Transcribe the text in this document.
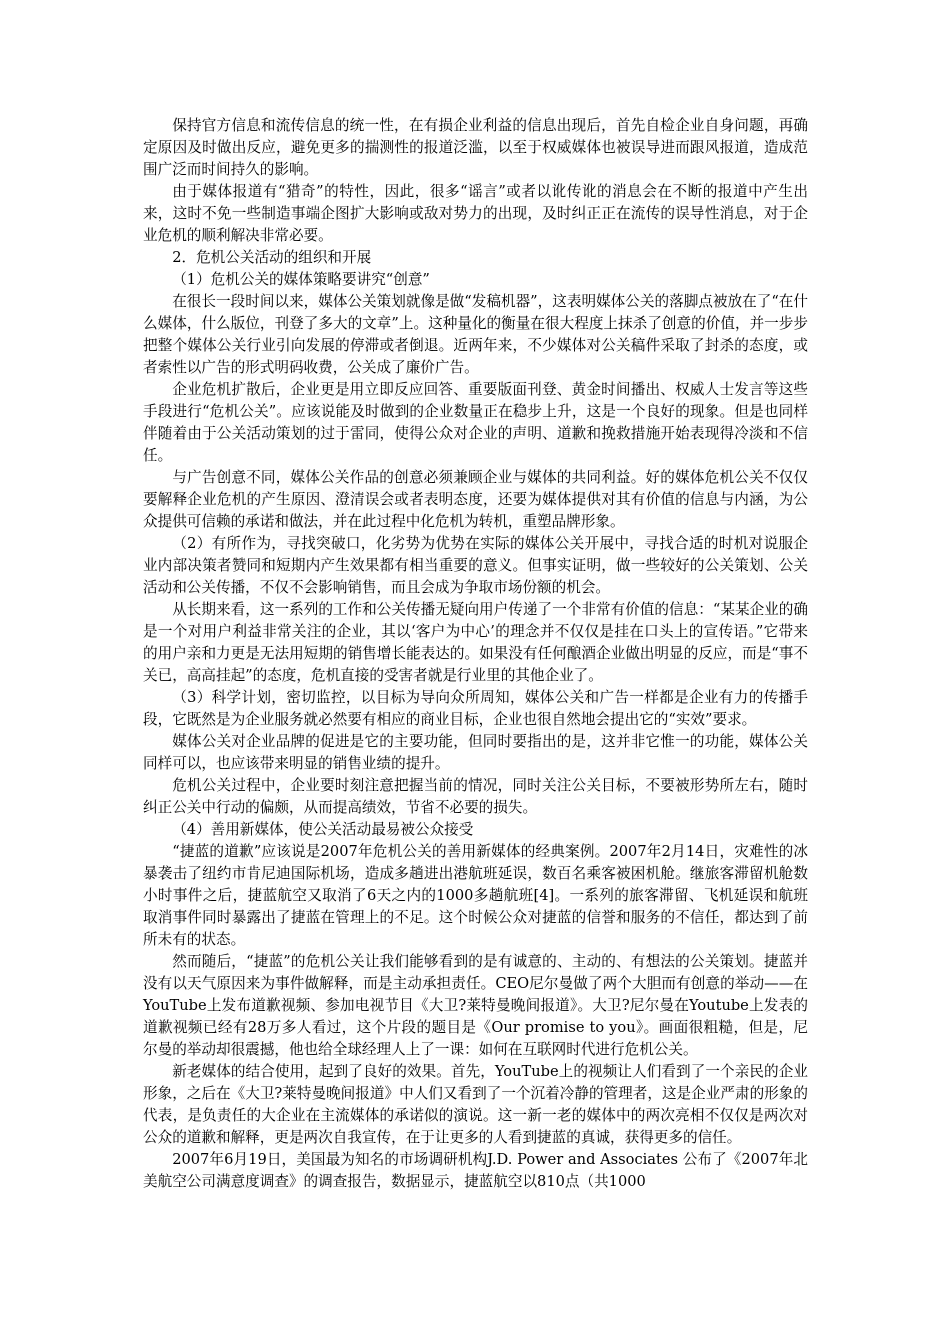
保持官方信息和流传信息的统一性，在有损企业利益的信息出现后，首先自检企业自身问题，再确定原因及时做出反应，避免更多的揣测性的报道泛滥，以至于权威媒体也被误导进而跟风报道，造成范围广泛而时间持久的影响。

由于媒体报道有“猎奇”的特性，因此，很多“谣言”或者以讹传讹的消息会在不断的报道中产生出来，这时不免一些制造事端企图扩大影响或敌对势力的出现，及时纠正正在流传的误导性消息，对于企业危机的顺利解决非常必要。

2．危机公关活动的组织和开展

（1）危机公关的媒体策略要讲究“创意”

在很长一段时间以来，媒体公关策划就像是做“发稿机器”，这表明媒体公关的落脚点被放在了“在什么媒体，什么版位，刊登了多大的文章”上。这种量化的衡量在很大程度上抹杀了创意的价值，并一步步把整个媒体公关行业引向发展的停滞或者倒退。近两年来，不少媒体对公关稿件采取了封杀的态度，或者索性以广告的形式明码收费，公关成了廉价广告。

企业危机扩散后，企业更是用立即反应回答、重要版面刊登、黄金时间播出、权威人士发言等这些手段进行“危机公关”。应该说能及时做到的企业数量正在稳步上升，这是一个良好的现象。但是也同样伴随着由于公关活动策划的过于雷同，使得公众对企业的声明、道歉和挽救措施开始表现得冷淡和不信任。

与广告创意不同，媒体公关作品的创意必须兼顾企业与媒体的共同利益。好的媒体危机公关不仅仅要解释企业危机的产生原因、澄清误会或者表明态度，还要为媒体提供对其有价值的信息与内涵，为公众提供可信赖的承诺和做法，并在此过程中化危机为转机，重塑品牌形象。

（2）有所作为，寻找突破口，化劣势为优势在实际的媒体公关开展中，寻找合适的时机对说服企业内部决策者赞同和短期内产生效果都有相当重要的意义。但事实证明，做一些较好的公关策划、公关活动和公关传播，不仅不会影响销售，而且会成为争取市场份额的机会。

从长期来看，这一系列的工作和公关传播无疑向用户传递了一个非常有价值的信息：“某某企业的确是一个对用户利益非常关注的企业，其以‘客户为中心’的理念并不仅仅是挂在口头上的宣传语。”它带来的用户亲和力更是无法用短期的销售增长能表达的。如果没有任何酿酒企业做出明显的反应，而是“事不关已，高高挂起”的态度，危机直接的受害者就是行业里的其他企业了。

（3）科学计划，密切监控，以目标为导向众所周知，媒体公关和广告一样都是企业有力的传播手段，它既然是为企业服务就必然要有相应的商业目标，企业也很自然地会提出它的“实效”要求。

媒体公关对企业品牌的促进是它的主要功能，但同时要指出的是，这并非它惟一的功能，媒体公关同样可以，也应该带来明显的销售业绩的提升。

危机公关过程中，企业要时刻注意把握当前的情况，同时关注公关目标，不要被形势所左右，随时纠正公关中行动的偏颇，从而提高绩效，节省不必要的损失。

（4）善用新媒体，使公关活动最易被公众接受

“捷蓝的道歉”应该说是2007年危机公关的善用新媒体的经典案例。2007年2月14日，灾难性的冰暴袭击了纽约市肯尼迪国际机场，造成多趟进出港航班延误，数百名乘客被困机舱。继旅客滞留机舱数小时事件之后，捷蓝航空又取消了6天之内的1000多趟航班[4]。一系列的旅客滞留、飞机延误和航班取消事件同时暴露出了捷蓝在管理上的不足。这个时候公众对捷蓝的信誉和服务的不信任，都达到了前所未有的状态。

然而随后，“捷蓝”的危机公关让我们能够看到的是有诚意的、主动的、有想法的公关策划。捷蓝并没有以天气原因来为事件做解释，而是主动承担责任。CEO尼尔曼做了两个大胆而有创意的举动——在YouTube上发布道歉视频、参加电视节目《大卫?莱特曼晚间报道》。大卫?尼尔曼在Youtube上发表的道歉视频已经有28万多人看过，这个片段的题目是《Our promise to you》。画面很粗糙，但是，尼尔曼的举动却很震撼，他也给全球经理人上了一课：如何在互联网时代进行危机公关。

新老媒体的结合使用，起到了良好的效果。首先，YouTube上的视频让人们看到了一个亲民的企业形象，之后在《大卫?莱特曼晚间报道》中人们又看到了一个沉着冷静的管理者，这是企业严肃的形象的代表，是负责任的大企业在主流媒体的承诺似的演说。这一新一老的媒体中的两次亮相不仅仅是两次对公众的道歉和解释，更是两次自我宣传，在于让更多的人看到捷蓝的真诚，获得更多的信任。

2007年6月19日，美国最为知名的市场调研机构J.D. Power and Associates 公布了《2007年北美航空公司满意度调查》的调查报告，数据显示，捷蓝航空以810点（共1000
